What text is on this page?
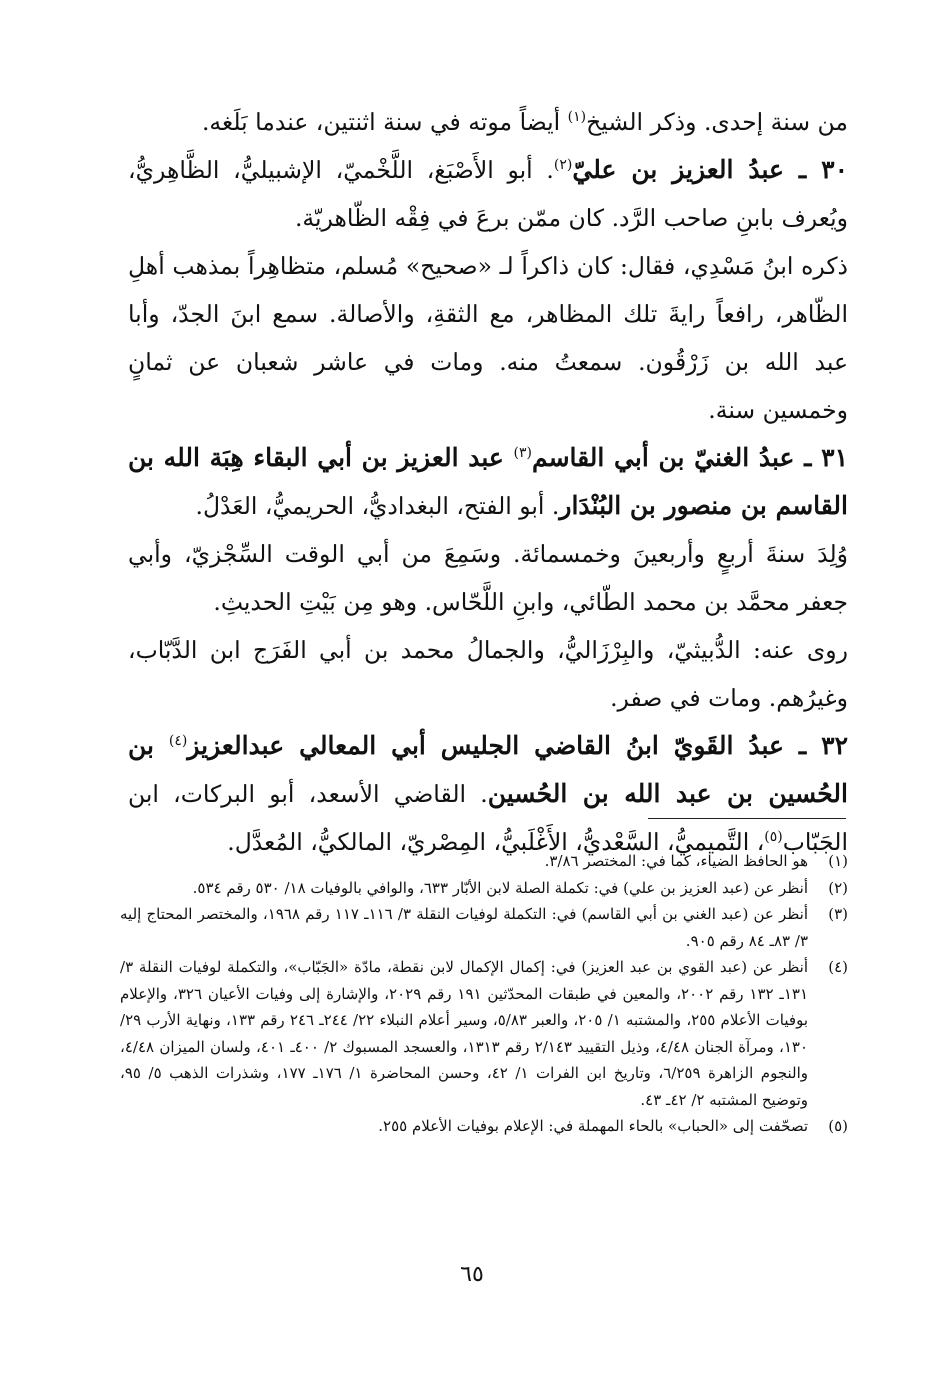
من سنة إحدى. وذكر الشيخ$^{(١)}$ أيضاً موته في سنة اثنتين، عندما بَلَغه.

٣٠ ـ عبدُ العزيز بن عليّ$^{(٢)}$. أبو الأَصْبَغ، اللَّخْميّ، الإشبيليُّ، الظَّاهِريُّ، ويُعرف بابنِ صاحب الرَّد. كان ممّن برعَ في فِقْه الظّاهريّة.

ذكره ابنُ مَسْدِي، فقال: كان ذاكراً لـ «صحيح» مُسلم، متظاهِراً بمذهب أهلِ الظّاهر، رافعاً رايةَ تلك المظاهر، مع الثقةِ، والأصالة. سمع ابنَ الجدّ، وأبا عبد الله بن زَرْقُون. سمعتُ منه. ومات في عاشر شعبان عن ثمانٍ وخمسين سنة.

٣١ ـ عبدُ الغنيّ بن أبي القاسم$^{(٣)}$ عبد العزيز بن أبي البقاء هِبَة الله بن القاسم بن منصور بن البُنْدَار. أبو الفتح، البغداديُّ، الحريميُّ، العَدْلُ.

وُلِدَ سنةَ أربعٍ وأربعينَ وخمسمائة. وسَمِعَ من أبي الوقت السِّجْزيّ، وأبي جعفر محمَّد بن محمد الطّائي، وابنِ اللَّحّاس. وهو مِن بَيْتِ الحديثِ.

روى عنه: الدُّبيثيّ، والبِرْزَاليُّ، والجمالُ محمد بن أبي الفَرَج ابن الدَّبّاب، وغيرُهم. ومات في صفر.

٣٢ ـ عبدُ القَويّ ابنُ القاضي الجليس أبي المعالي عبدالعزيز$^{(٤)}$ بن الحُسين بن عبد الله بن الحُسين. القاضي الأسعد، أبو البركات، ابن الجَبّاب$^{(٥)}$، التَّميميُّ، السَّعْديُّ، الأَغْلَبيُّ، المِصْريّ، المالكيُّ، المُعدَّل.

(١)
هو الحافظ الضياء، كما في: المختصر ٣/٨٦.
(٢)
أنظر عن (عبد العزيز بن علي) في: تكملة الصلة لابن الأبّار ٦٣٣، والوافي بالوفيات ١٨/ ٥٣٠ رقم ٥٣٤.
(٣)
أنظر عن (عبد الغني بن أبي القاسم) في: التكملة لوفيات النقلة ٣/ ١١٦ـ ١١٧ رقم ١٩٦٨، والمختصر المحتاج إليه ٣/ ٨٣ـ ٨٤ رقم ٩٠٥.
(٤)
أنظر عن (عبد القوي بن عبد العزيز) في: إكمال الإكمال لابن نقطة، مادّة «الجَبّاب»، والتكملة لوفيات النقلة ٣/ ١٣١ـ ١٣٢ رقم ٢٠٠٢، والمعين في طبقات المحدّثين ١٩١ رقم ٢٠٢٩، والإشارة إلى وفيات الأعيان ٣٢٦، والإعلام بوفيات الأعلام ٢٥٥، والمشتبه ١/ ٢٠٥، والعبر ٥/٨٣، وسير أعلام النبلاء ٢٢/ ٢٤٤ـ ٢٤٦ رقم ١٣٣، ونهاية الأرب ٢٩/ ١٣٠، ومرآة الجنان ٤/٤٨، وذيل التقييد ٢/١٤٣ رقم ١٣١٣، والعسجد المسبوك ٢/ ٤٠٠ـ ٤٠١، ولسان الميزان ٤/٤٨، والنجوم الزاهرة ٦/٢٥٩، وتاريخ ابن الفرات ١/ ٤٢، وحسن المحاضرة ١/ ١٧٦ـ ١٧٧، وشذرات الذهب ٥/ ٩٥، وتوضيح المشتبه ٢/ ٤٢ـ ٤٣.
(٥)
تصحّفت إلى «الحباب» بالحاء المهملة في: الإعلام بوفيات الأعلام ٢٥٥.
٦٥
